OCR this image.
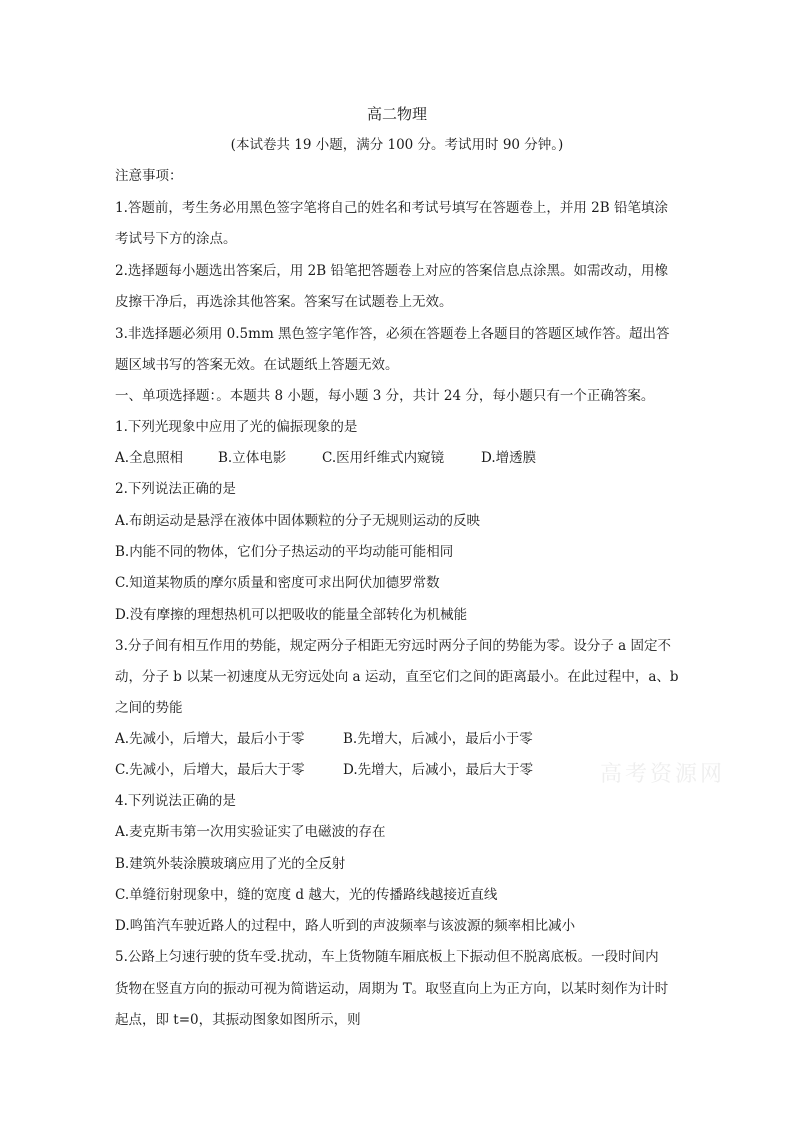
高二物理
(本试卷共 19 小题，满分 100 分。考试用时 90 分钟。)
注意事项：
1.答题前，考生务必用黑色签字笔将自己的姓名和考试号填写在答题卷上，并用 2B 铅笔填涂
考试号下方的涂点。
2.选择题每小题选出答案后，用 2B 铅笔把答题卷上对应的答案信息点涂黑。如需改动，用橡
皮擦干净后，再选涂其他答案。答案写在试题卷上无效。
3.非选择题必须用 0.5mm 黑色签字笔作答，必须在答题卷上各题目的答题区域作答。超出答
题区域书写的答案无效。在试题纸上答题无效。
一、单项选择题：。本题共 8 小题，每小题 3 分，共计 24 分，每小题只有一个正确答案。
1.下列光现象中应用了光的偏振现象的是
A.全息照相	B.立体电影	C.医用纤维式内窥镜	D.增透膜
2.下列说法正确的是
A.布朗运动是悬浮在液体中固体颗粒的分子无规则运动的反映
B.内能不同的物体，它们分子热运动的平均动能可能相同
C.知道某物质的摩尔质量和密度可求出阿伏加德罗常数
D.没有摩擦的理想热机可以把吸收的能量全部转化为机械能
3.分子间有相互作用的势能，规定两分子相距无穷远时两分子间的势能为零。设分子 a 固定不
动，分子 b 以某一初速度从无穷远处向 a 运动，直至它们之间的距离最小。在此过程中，a、b
之间的势能
A.先减小，后增大，最后小于零	B.先增大，后减小，最后小于零
C.先减小，后增大，最后大于零	D.先增大，后减小，最后大于零	高考资源网
4.下列说法正确的是
A.麦克斯韦第一次用实验证实了电磁波的存在
B.建筑外装涂膜玻璃应用了光的全反射
C.单缝衍射现象中，缝的宽度 d 越大，光的传播路线越接近直线
D.鸣笛汽车驶近路人的过程中，路人听到的声波频率与该波源的频率相比减小
5.公路上匀速行驶的货车受.扰动，车上货物随车厢底板上下振动但不脱离底板。一段时间内
货物在竖直方向的振动可视为简谐运动，周期为 T。取竖直向上为正方向，以某时刻作为计时
起点，即 t=0，其振动图象如图所示，则
